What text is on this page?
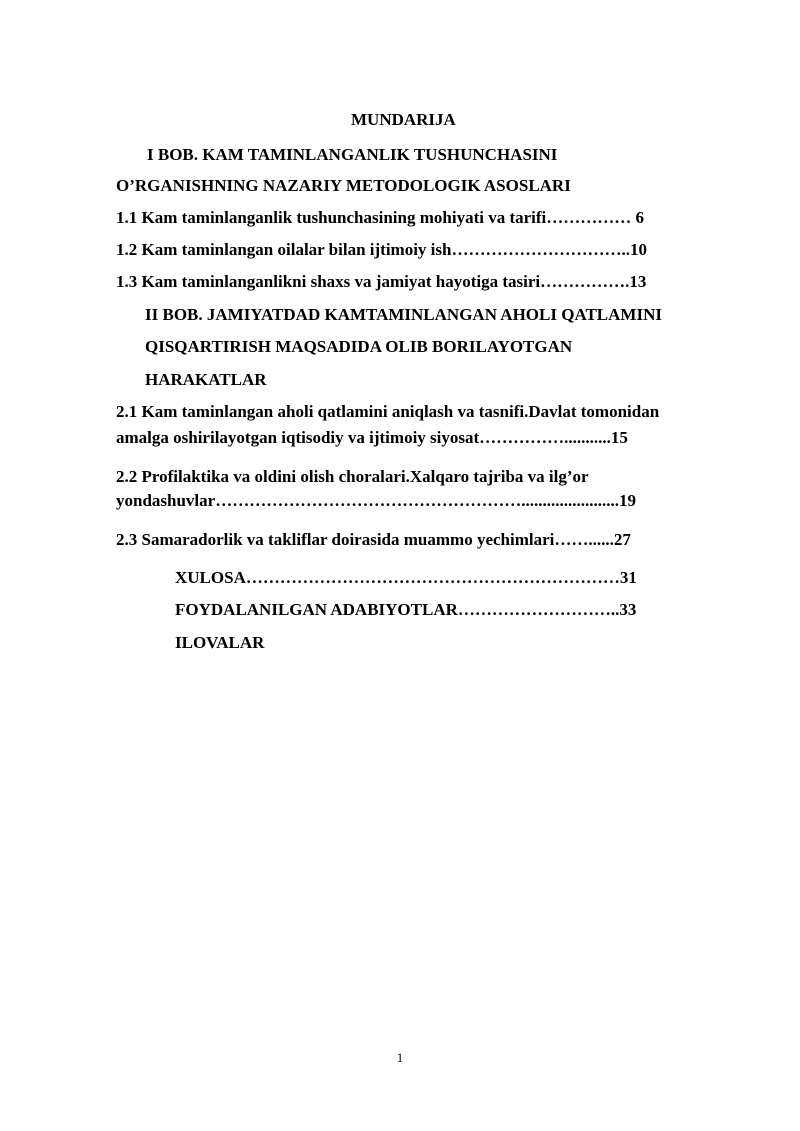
MUNDARIJA
I BOB. KAM TAMINLANGANLIK TUSHUNCHASINI
O’RGANISHNING NAZARIY METODOLOGIK ASOSLARI
1.1 Kam taminlanganlik tushunchasining mohiyati va tarifi…………… 6
1.2 Kam taminlangan oilalar bilan ijtimoiy ish…………………………..10
1.3 Kam taminlanganlikni shaxs va jamiyat hayotiga tasiri…………….13
II BOB. JAMIYATDAD KAMTAMINLANGAN AHOLI QATLAMINI
QISQARTIRISH MAQSADIDA OLIB BORILAYOTGAN
HARAKATLAR
2.1 Kam taminlangan aholi qatlamini aniqlash va tasnifi.Davlat tomonidan
amalga oshirilayotgan iqtisodiy va ijtimoiy siyosat……………...........15
2.2 Profilaktika va oldini olish choralari.Xalqaro tajriba va ilg’or
yondashuvlar……………………………………………….......................19
2.3 Samaradorlik va takliflar doirasida muammo yechimlari……......27
XULOSA…………………………………………………………31
FOYDALANILGAN ADABIYOTLAR………………………..33
ILOVALAR
1
